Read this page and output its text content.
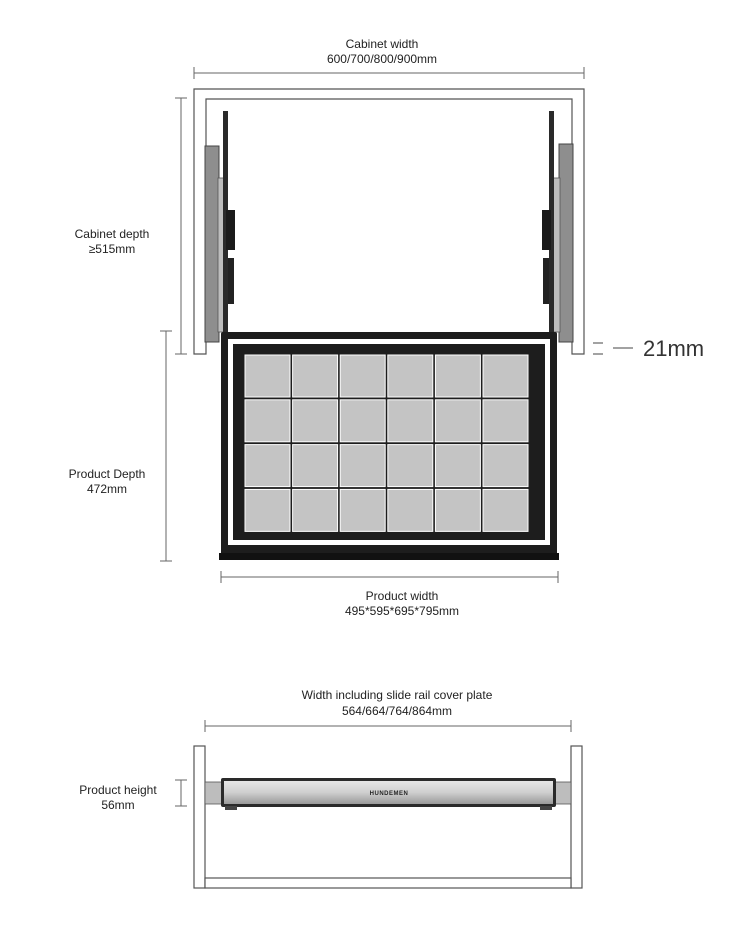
Cabinet width
600/700/800/900mm
Cabinet depth
≥515mm
21mm
Product Depth
472mm
Product width
495*595*695*795mm
Width including slide rail cover plate
564/664/764/864mm
Product height
56mm
HUNDEMEN
